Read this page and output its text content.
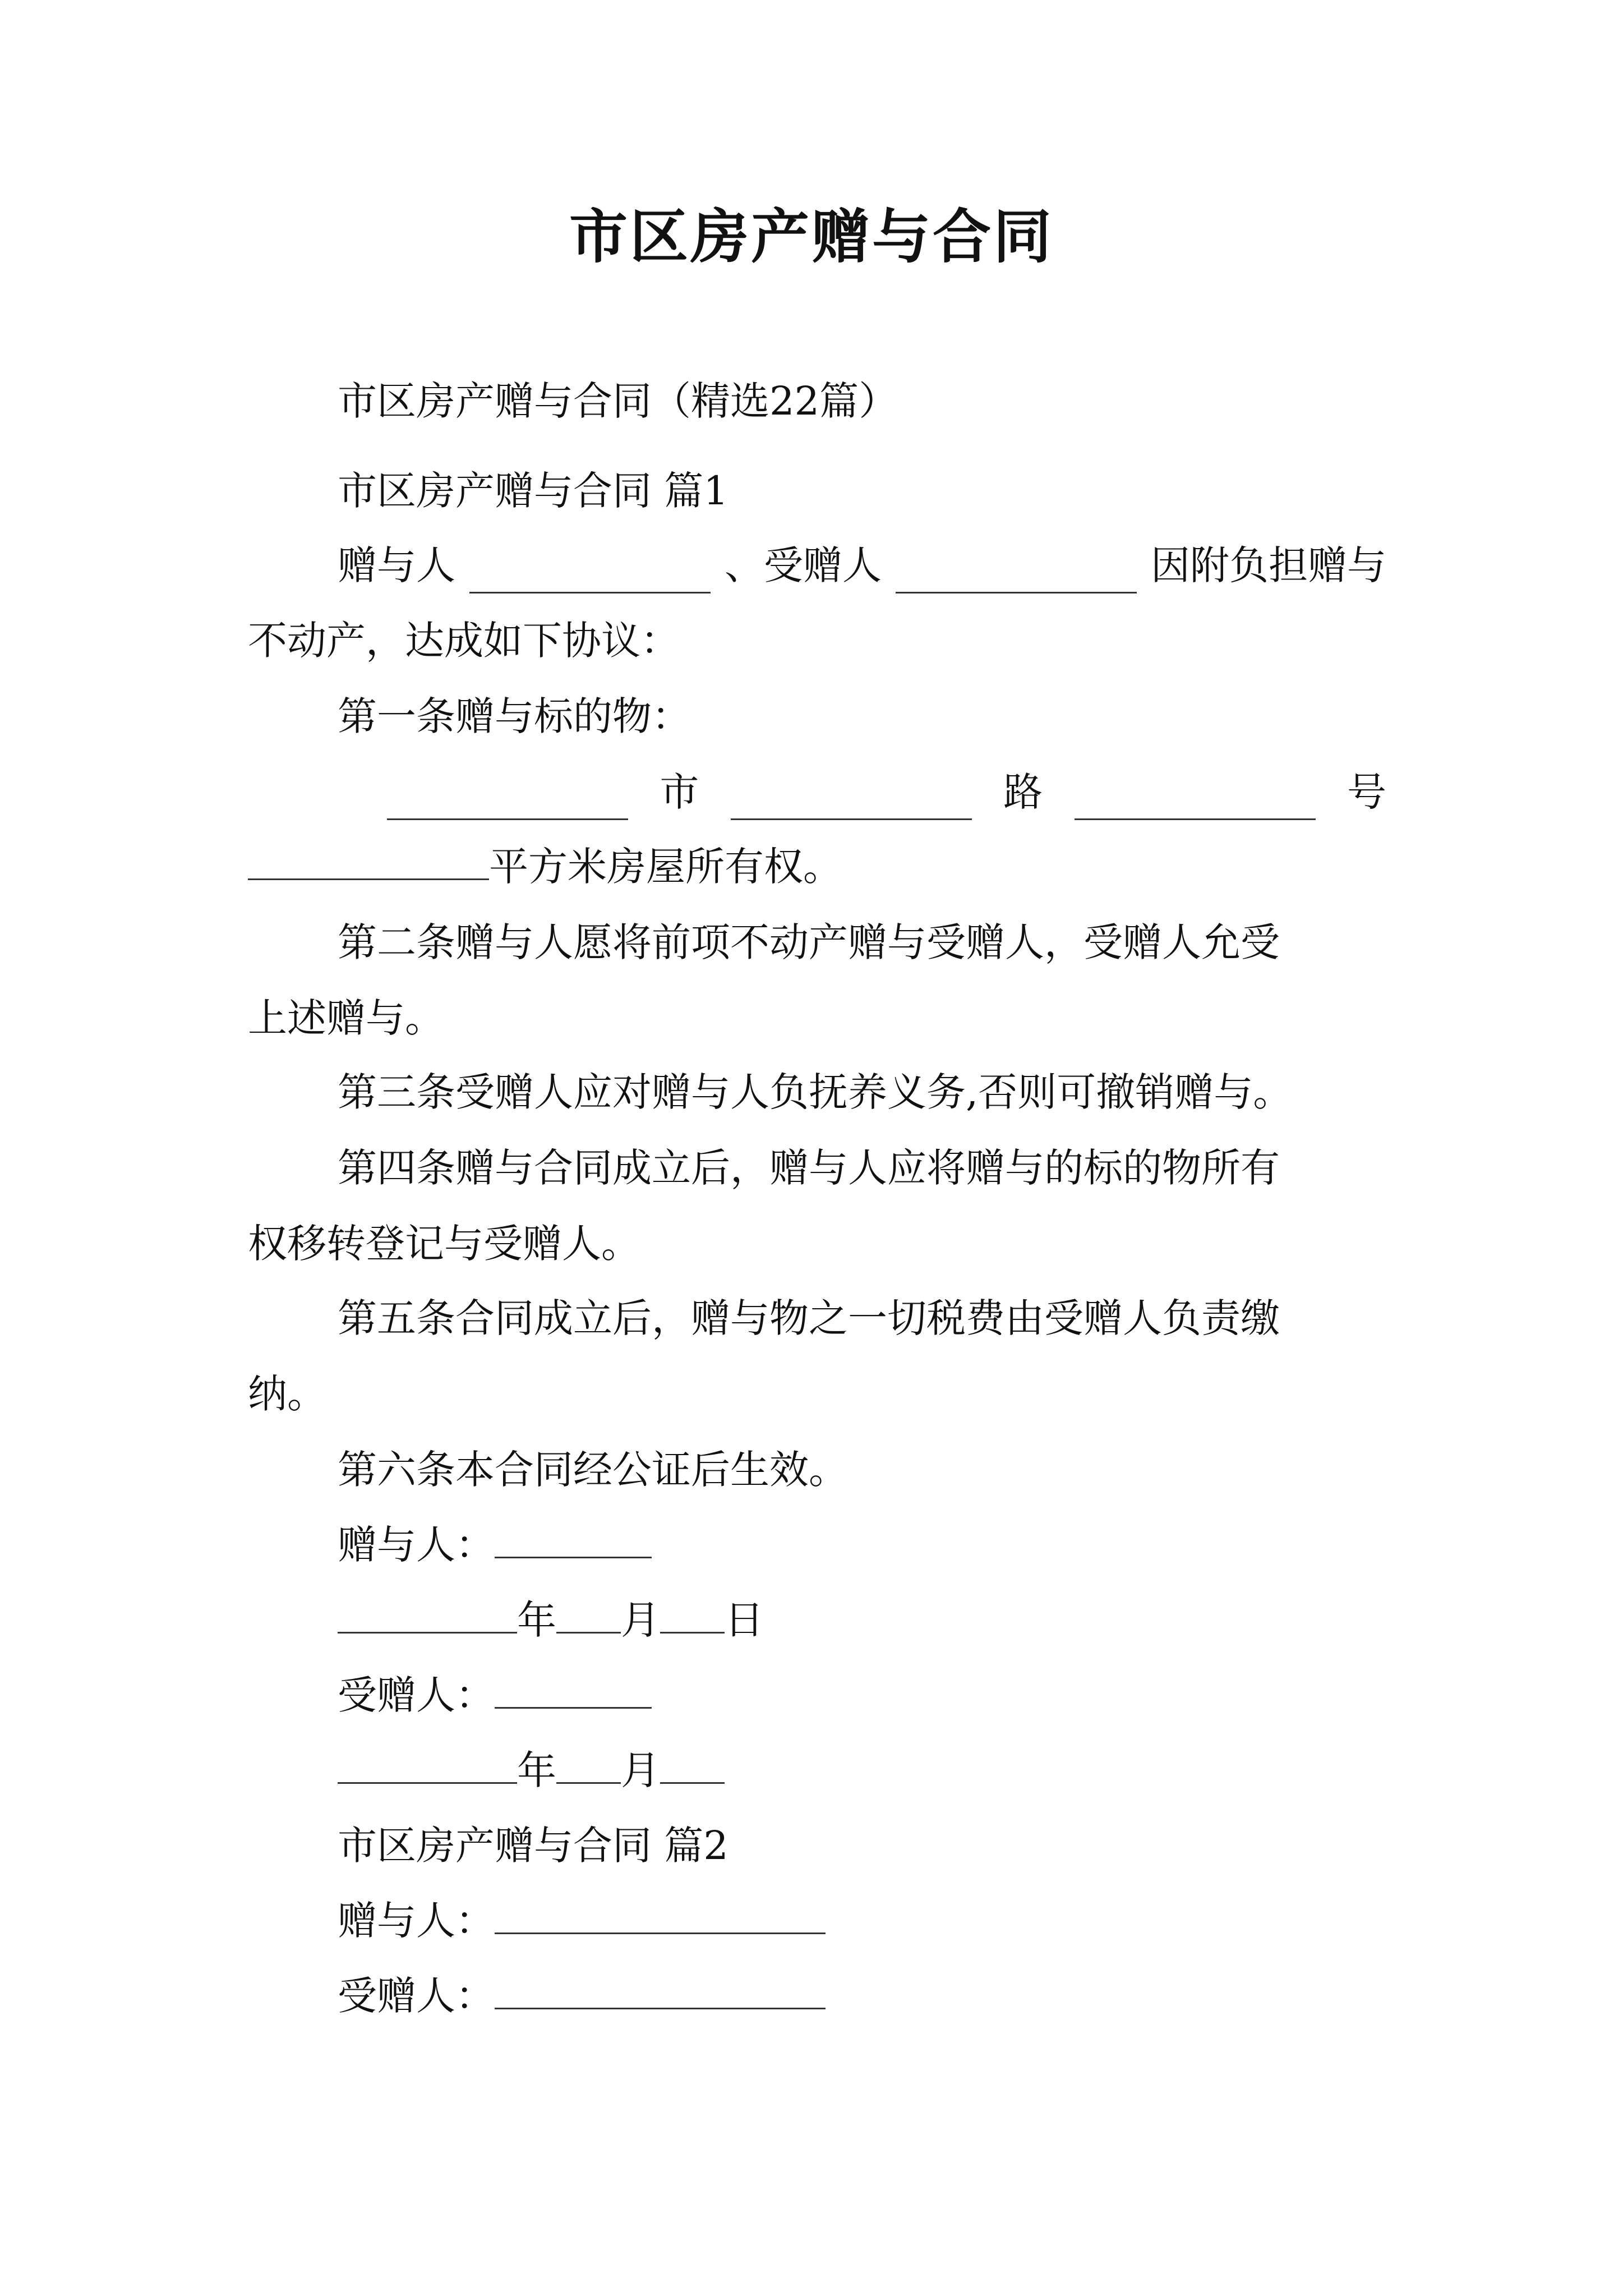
市区房产赠与合同
市区房产赠与合同（精选22篇）
市区房产赠与合同 篇1
赠与人	、受赠人	因附负担赠与
不动产，达成如下协议：
第一条赠与标的物：
市	路	号
平方米房屋所有权。
第二条赠与人愿将前项不动产赠与受赠人，受赠人允受
上述赠与。
第三条受赠人应对赠与人负抚养义务,否则可撤销赠与。
第四条赠与合同成立后，赠与人应将赠与的标的物所有
权移转登记与受赠人。
第五条合同成立后，赠与物之一切税费由受赠人负责缴
纳。
第六条本合同经公证后生效。
赠与人：
年 月 日
受赠人：
年 月
市区房产赠与合同 篇2
赠与人：
受赠人：
